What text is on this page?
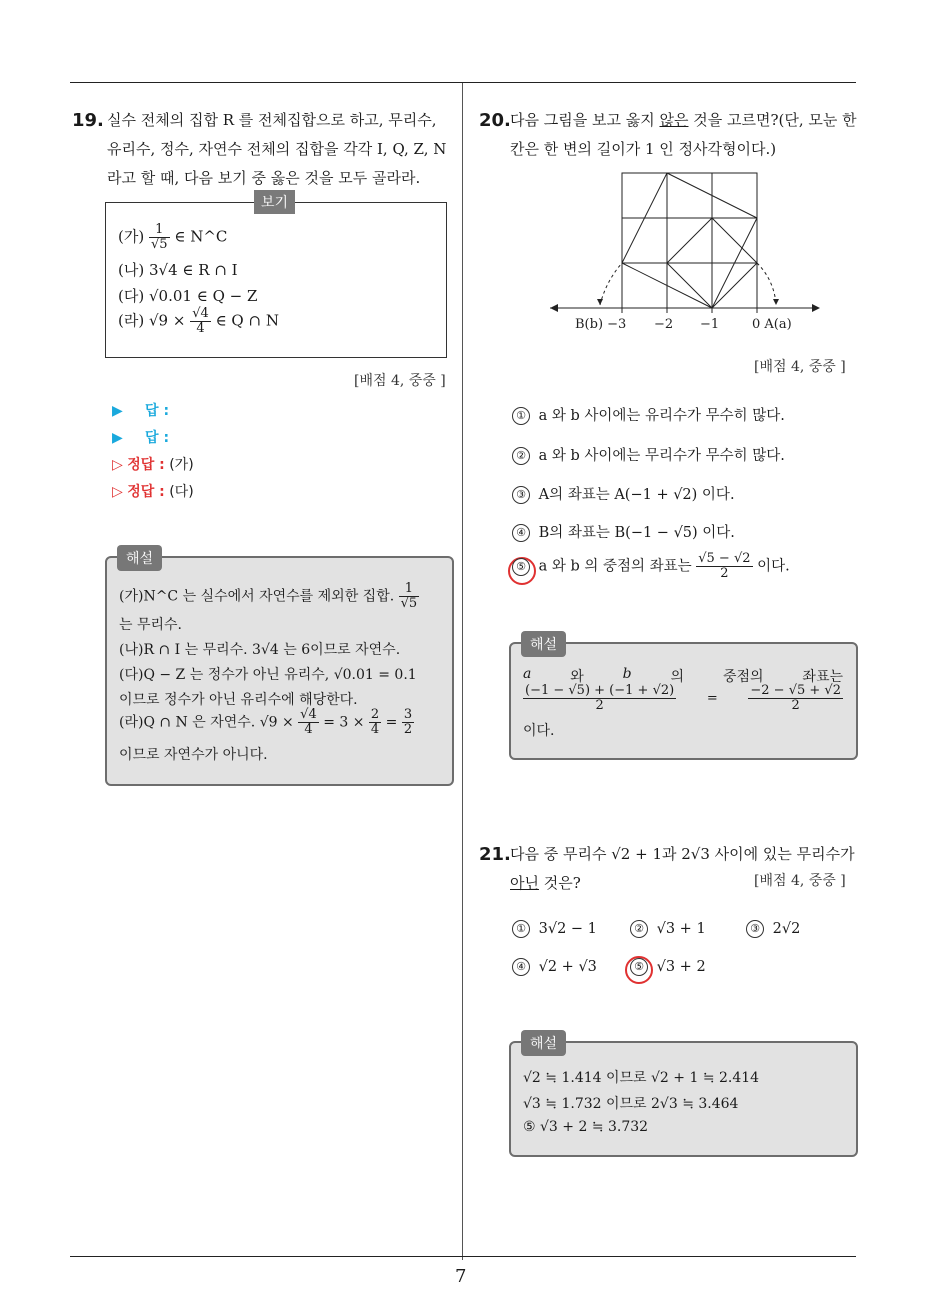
7
19. 실수 전체의 집합 R 를 전체집합으로 하고, 무리수,
유리수, 정수, 자연수 전체의 집합을 각각 I, Q, Z, N
라고 할 때, 다음 보기 중 옳은 것을 모두 골라라.
보기
(가) $\frac{1}{√5}$ ∈ N^C
(나) 3√4 ∈ R ∩ I
(다) √0.01 ∈ Q − Z
(라) $√9 \times \frac{√4}{4}$ ∈ Q ∩ N
[배점 4, 중중 ]
▶ 답 :
▶ 답 :
▷ 정답 : (가)
▷ 정답 : (다)
해설
(가)N^C 는 실수에서 자연수를 제외한 집합. $\frac{1}{√5}$
는 무리수.
(나)R ∩ I 는 무리수. 3√4 는 6이므로 자연수.
(다)Q − Z 는 정수가 아닌 유리수, √0.01 = 0.1
이므로 정수가 아닌 유리수에 해당한다.
(라)Q ∩ N 은 자연수. $√9 \times \frac{√4}{4} = 3 \times \frac{2}{4} = \frac{3}{2}$
이므로 자연수가 아니다.
20. 다음 그림을 보고 옳지 않은 것을 고르면?(단, 모눈 한
칸은 한 변의 길이가 1 인 정사각형이다.)
B(b) −3 −2 −1	0 A(a)
[배점 4, 중중 ]
① a 와 b 사이에는 유리수가 무수히 많다.
② a 와 b 사이에는 무리수가 무수히 많다.
③ A의 좌표는 A(−1 + √2) 이다.
④ B의 좌표는 B(−1 − √5) 이다.
⑤ a 와 b 의 중점의 좌표는 $\frac{√5 - √2}{2}$ 이다.
해설
a	와	b	의	중점의	좌표는
$\frac{(-1 - √5) + (-1 + √2)}{2} = \frac{-2 - √5 + √2}{2}$
이다.
21. 다음 중 무리수 √2 + 1과 2√3 사이에 있는 무리수가
아닌 것은?	[배점 4, 중중 ]
① 3√2 − 1	② √3 + 1	③ 2√2
④ √2 + √3	⑤ √3 + 2
해설
√2 ≒ 1.414 이므로 √2 + 1 ≒ 2.414
√3 ≒ 1.732 이므로 2√3 ≒ 3.464
⑤ √3 + 2 ≒ 3.732
